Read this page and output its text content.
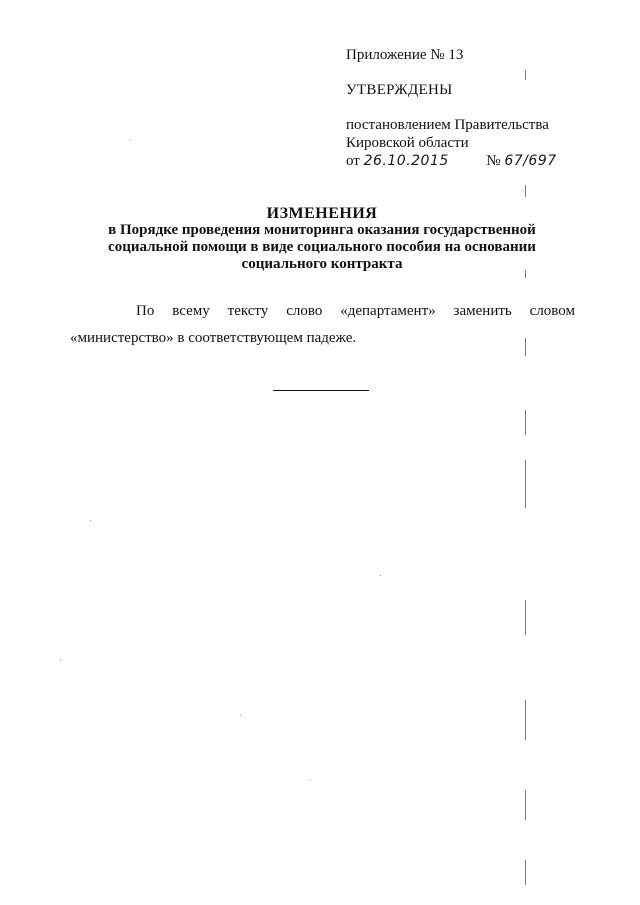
Приложение № 13
УТВЕРЖДЕНЫ
постановлением Правительства
Кировской области
от 26.10.2015	№ 67/697
ИЗМЕНЕНИЯ
в Порядке проведения мониторинга оказания государственной
социальной помощи в виде социального пособия на основании
социального контракта
По всему тексту слово «департамент» заменить словом
«министерство» в соответствующем падеже.
